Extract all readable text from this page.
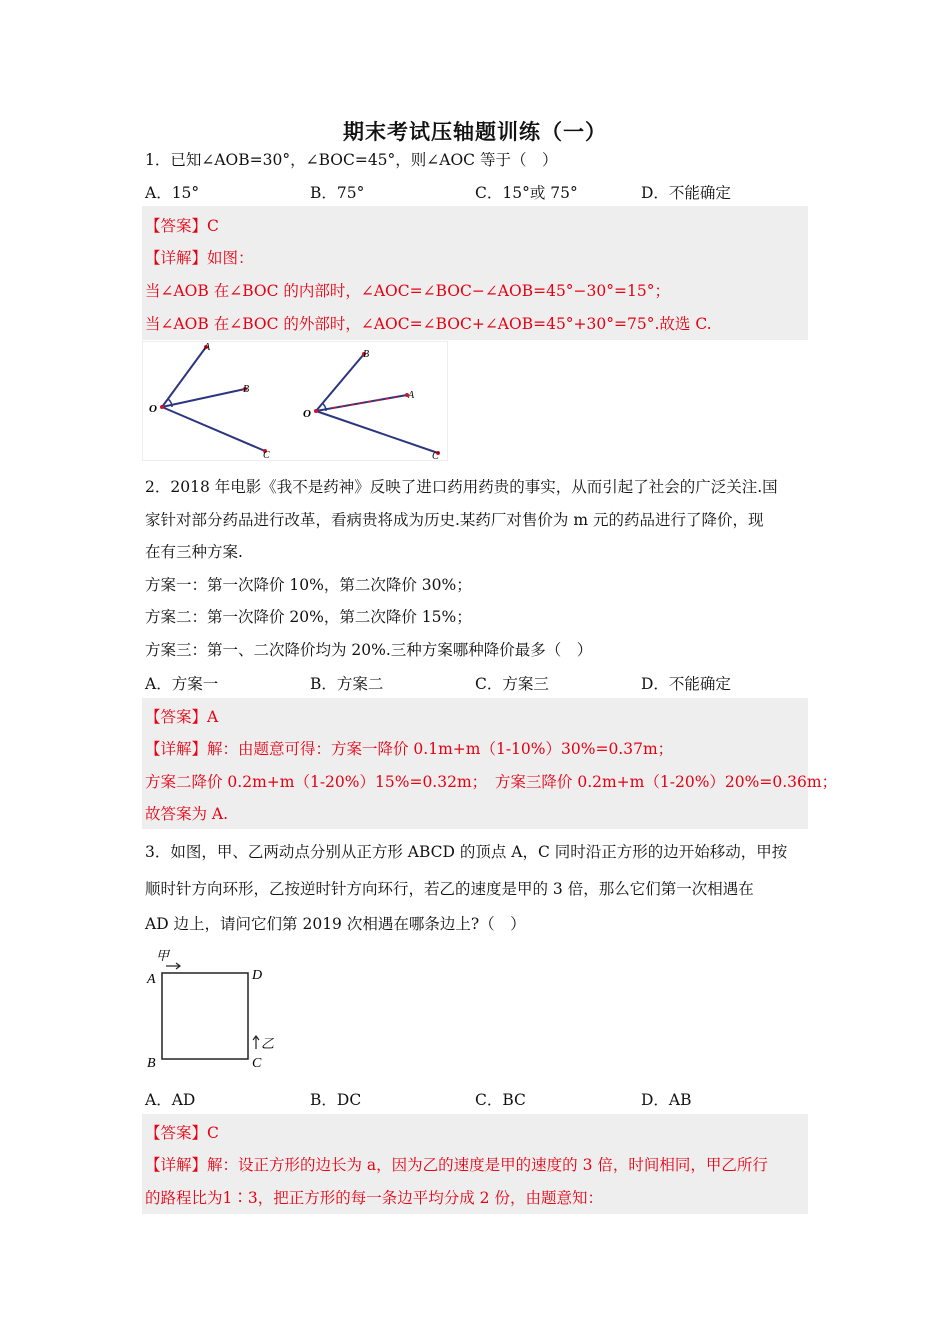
期末考试压轴题训练（一）
1．已知∠AOB=30°，∠BOC=45°，则∠AOC 等于（　）
A．15°	B．75°	C．15°或 75°	D．不能确定
【答案】C
【详解】如图：
当∠AOB 在∠BOC 的内部时，∠AOC=∠BOC−∠AOB=45°−30°=15°；
当∠AOB 在∠BOC 的外部时，∠AOC=∠BOC+∠AOB=45°+30°=75°.故选 C.
A
B
O
C
B
A
O
C
2．2018 年电影《我不是药神》反映了进口药用药贵的事实，从而引起了社会的广泛关注.国
家针对部分药品进行改革，看病贵将成为历史.某药厂对售价为 m 元的药品进行了降价，现
在有三种方案.
方案一：第一次降价 10%，第二次降价 30%；
方案二：第一次降价 20%，第二次降价 15%；
方案三：第一、二次降价均为 20%.三种方案哪种降价最多（　）
A．方案一	B．方案二	C．方案三	D．不能确定
【答案】A
【详解】解：由题意可得：方案一降价 0.1m+m（1-10%）30%=0.37m；
方案二降价 0.2m+m（1-20%）15%=0.32m；　方案三降价 0.2m+m（1-20%）20%=0.36m；
故答案为 A.
3．如图，甲、乙两动点分别从正方形 ABCD 的顶点 A，C 同时沿正方形的边开始移动，甲按
顺时针方向环形，乙按逆时针方向环行，若乙的速度是甲的 3 倍，那么它们第一次相遇在
AD 边上，请问它们第 2019 次相遇在哪条边上?（　）
甲
A	D
B	C
乙
A．AD	B．DC	C．BC	D．AB
【答案】C
【详解】解：设正方形的边长为 a，因为乙的速度是甲的速度的 3 倍，时间相同，甲乙所行
的路程比为1∶3，把正方形的每一条边平均分成 2 份，由题意知：
